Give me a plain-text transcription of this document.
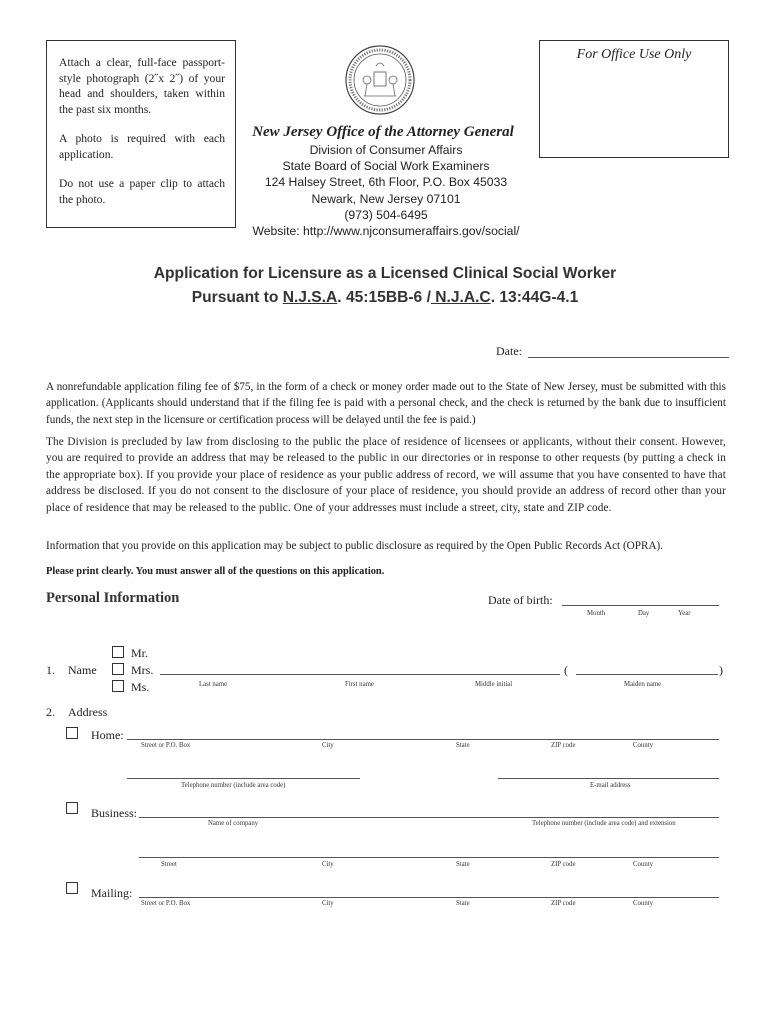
Attach a clear, full-face passport-style photograph (2˝x 2˝) of your head and shoulders, taken within the past six months.

A photo is required with each application.

Do not use a paper clip to attach the photo.

For Office Use Only
New Jersey Office of the Attorney General
Division of Consumer Affairs
State Board of Social Work Examiners
124 Halsey Street, 6th Floor, P.O. Box 45033
Newark, New Jersey 07101
(973) 504-6495
Website: http://www.njconsumeraffairs.gov/social/
Application for Licensure as a Licensed Clinical Social Worker
Pursuant to N.J.S.A. 45:15BB-6 / N.J.A.C. 13:44G-4.1
Date:
A nonrefundable application filing fee of $75, in the form of a check or money order made out to the State of New Jersey, must be submitted with this application. (Applicants should understand that if the filing fee is paid with a personal check, and the check is returned by the bank due to insufficient funds, the next step in the licensure or certification process will be delayed until the fee is paid.)
The Division is precluded by law from disclosing to the public the place of residence of licensees or applicants, without their consent. However, you are required to provide an address that may be released to the public in our directories or in response to other requests (by putting a check in the appropriate box). If you provide your place of residence as your public address of record, we will assume that you have consented to have that address be disclosed. If you do not consent to the disclosure of your place of residence, you should provide an address of record other than your place of residence that may be released to the public. One of your addresses must include a street, city, state and ZIP code.
Information that you provide on this application may be subject to public disclosure as required by the Open Public Records Act (OPRA).
Please print clearly. You must answer all of the questions on this application.
Personal Information	Date of birth:
Month	Day	Year
1. Name
Mr.
Mrs.
Ms.
(	)
Last name	First name	Middle initial	Maiden name
2. Address
Home:
Street or P.O. Box	City	State	ZIP code	County
Telephone number (include area code)	E-mail address
Business:
Name of company	Telephone number (include area code) and extension
Street	City	State	ZIP code	County
Mailing:
Street or P.O. Box	City	State	ZIP code	County
